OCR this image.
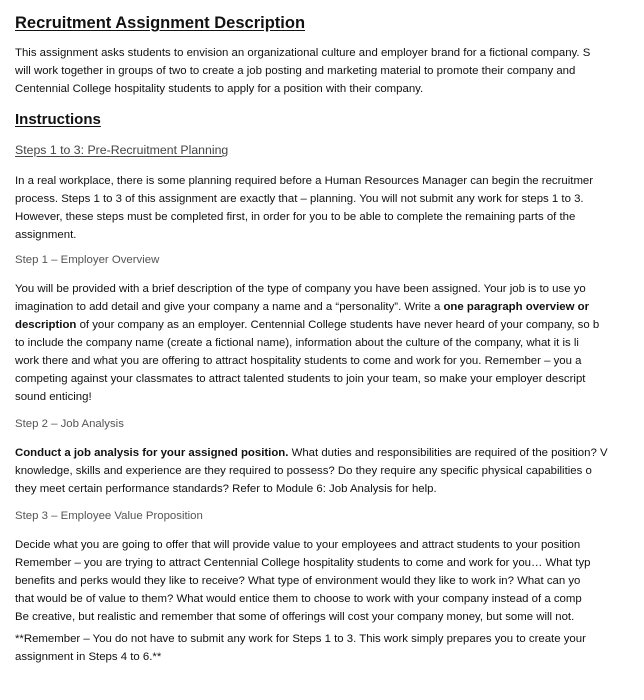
Recruitment Assignment Description
This assignment asks students to envision an organizational culture and employer brand for a fictional company. S
will work together in groups of two to create a job posting and marketing material to promote their company and
Centennial College hospitality students to apply for a position with their company.
Instructions
Steps 1 to 3: Pre-Recruitment Planning
In a real workplace, there is some planning required before a Human Resources Manager can begin the recruitmer
process. Steps 1 to 3 of this assignment are exactly that – planning. You will not submit any work for steps 1 to 3.
However, these steps must be completed first, in order for you to be able to complete the remaining parts of the
assignment.
Step 1 – Employer Overview
You will be provided with a brief description of the type of company you have been assigned. Your job is to use yo
imagination to add detail and give your company a name and a “personality”. Write a one paragraph overview or
description of your company as an employer. Centennial College students have never heard of your company, so b
to include the company name (create a fictional name), information about the culture of the company, what it is li
work there and what you are offering to attract hospitality students to come and work for you. Remember – you a
competing against your classmates to attract talented students to join your team, so make your employer descript
sound enticing!
Step 2 – Job Analysis
Conduct a job analysis for your assigned position. What duties and responsibilities are required of the position? V
knowledge, skills and experience are they required to possess? Do they require any specific physical capabilities o
they meet certain performance standards? Refer to Module 6: Job Analysis for help.
Step 3 – Employee Value Proposition
Decide what you are going to offer that will provide value to your employees and attract students to your position
Remember – you are trying to attract Centennial College hospitality students to come and work for you… What typ
benefits and perks would they like to receive? What type of environment would they like to work in? What can yo
that would be of value to them? What would entice them to choose to work with your company instead of a comp
Be creative, but realistic and remember that some of offerings will cost your company money, but some will not.
**Remember – You do not have to submit any work for Steps 1 to 3. This work simply prepares you to create your
assignment in Steps 4 to 6.**
